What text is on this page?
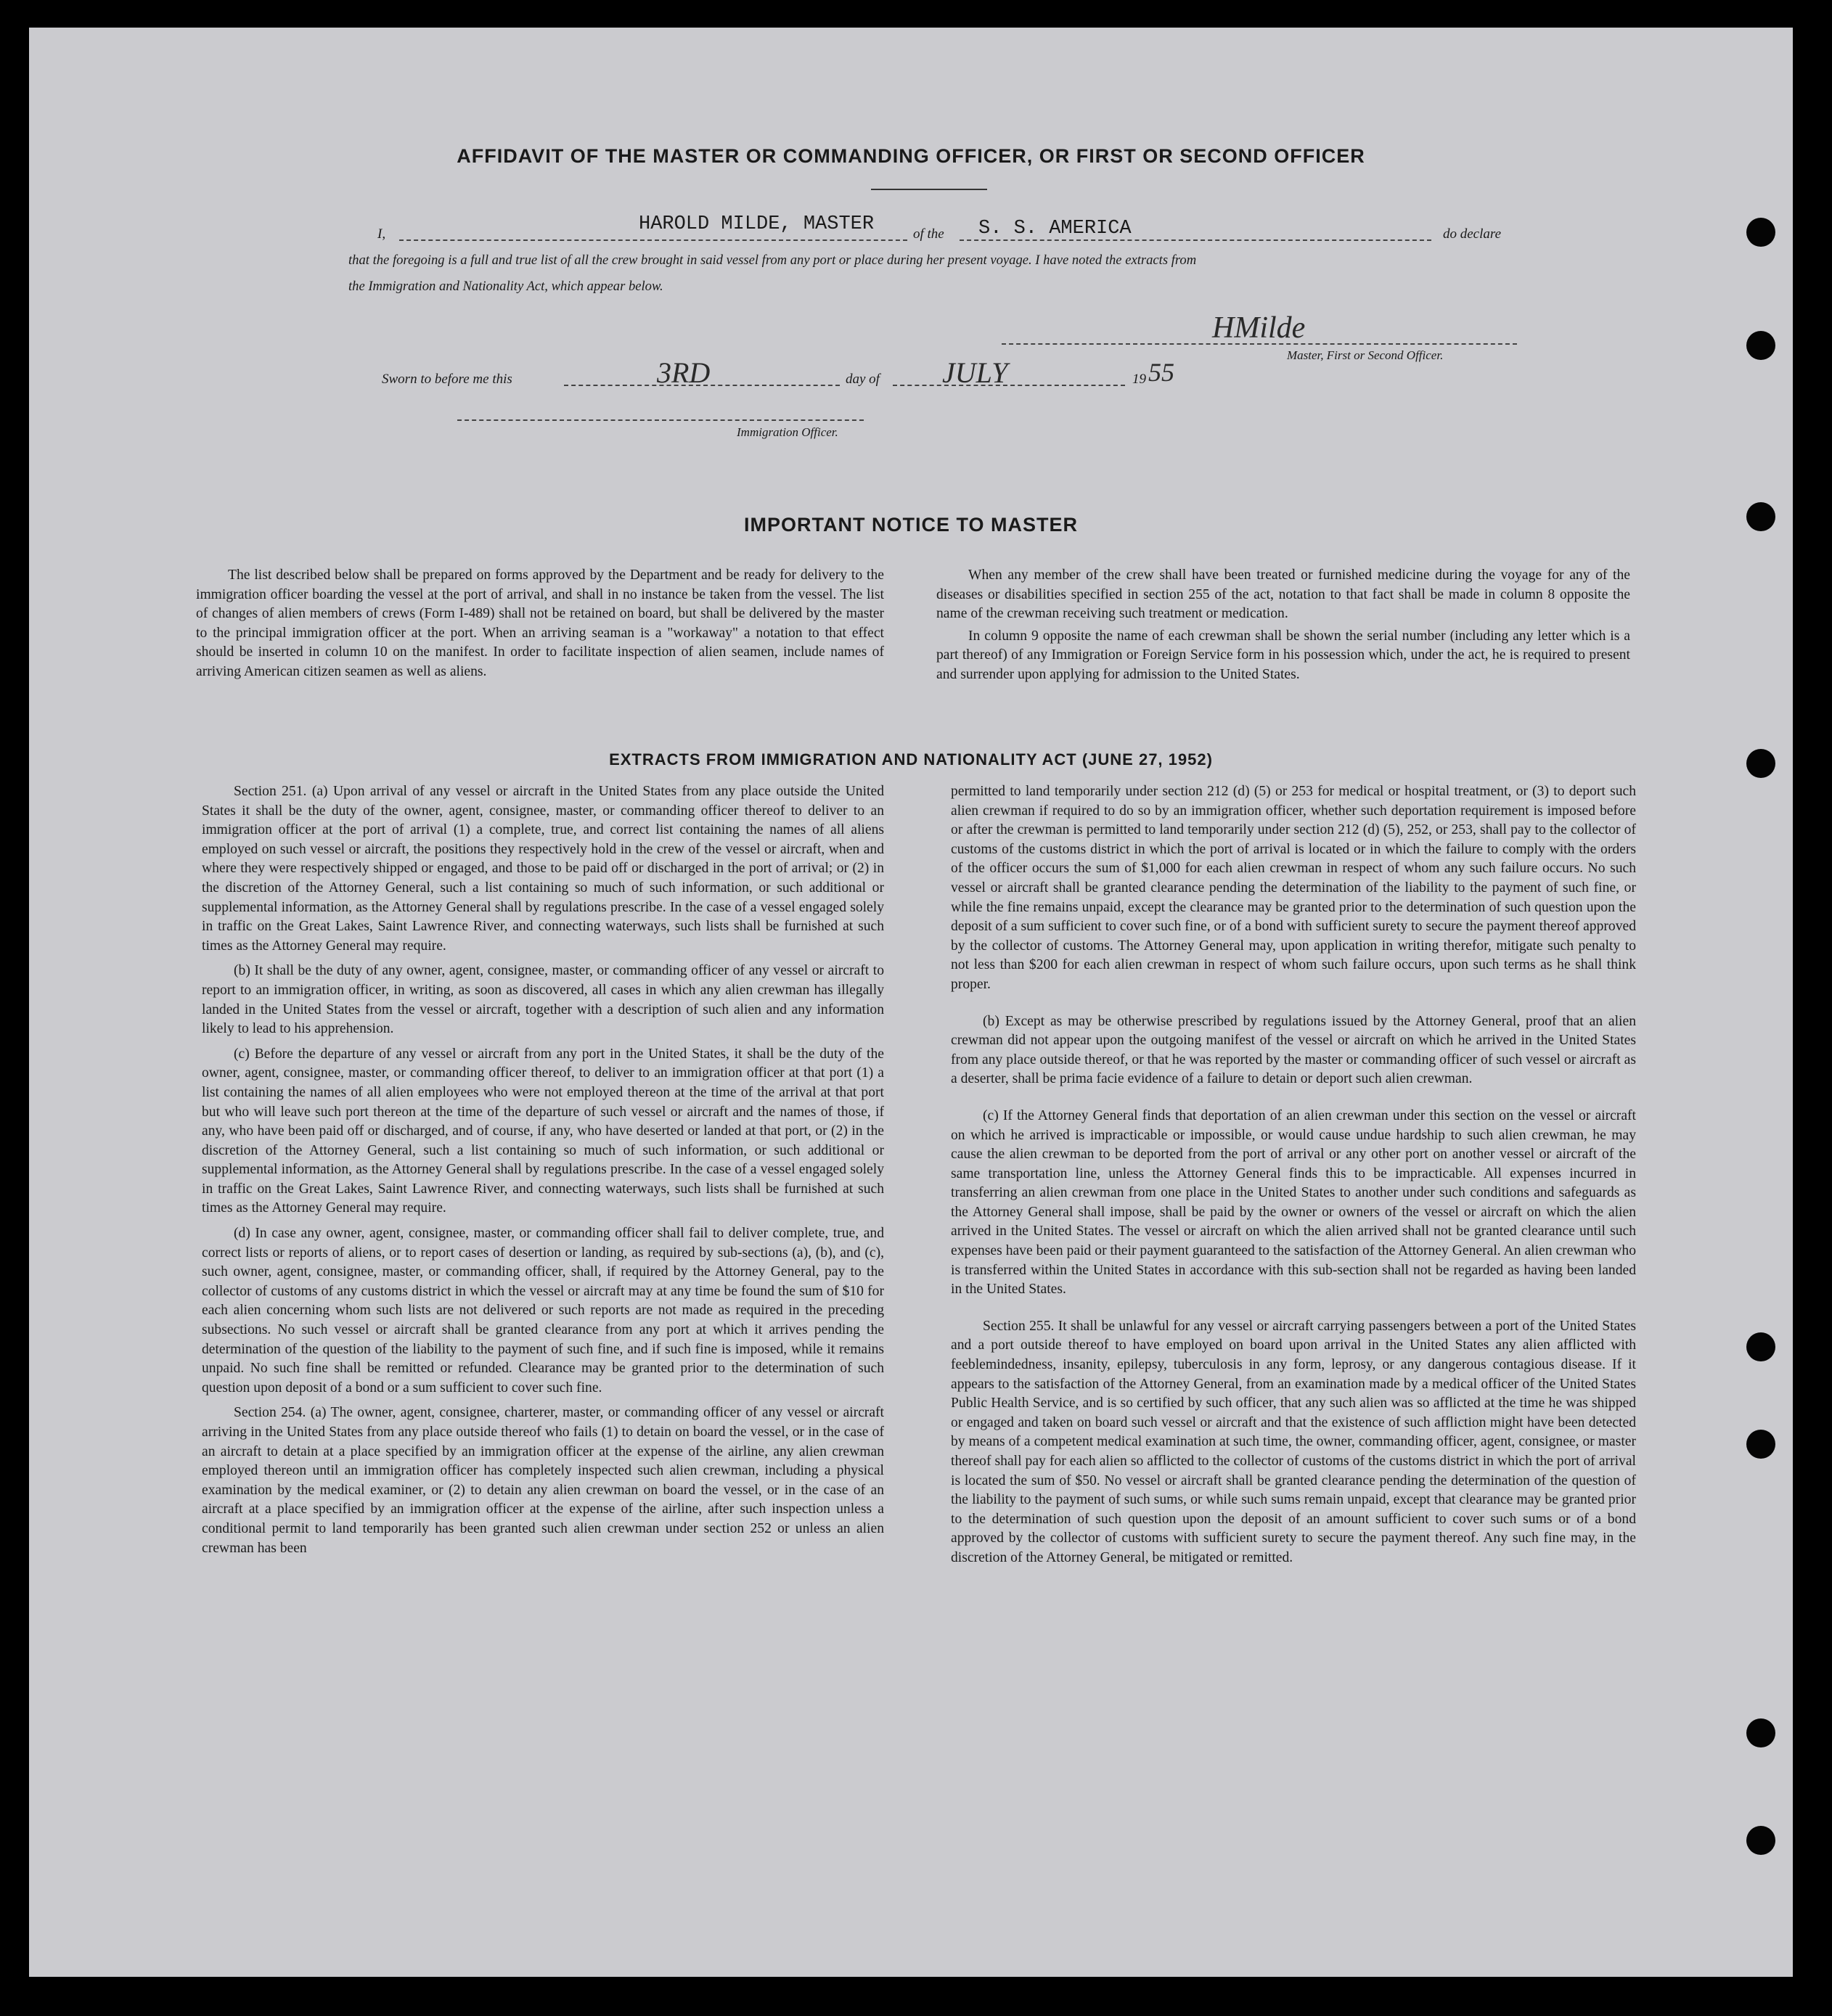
AFFIDAVIT OF THE MASTER OR COMMANDING OFFICER, OR FIRST OR SECOND OFFICER
I,	HAROLD MILDE, MASTER	of the S. S. AMERICA	do declare
that the foregoing is a full and true list of all the crew brought in said vessel from any port or place during her present voyage. I have noted the extracts from
the Immigration and Nationality Act, which appear below.
HMilde
Master, First or Second Officer.
Sworn to before me this	3RD	day of JULY	19 55
Immigration Officer.
IMPORTANT NOTICE TO MASTER

The list described below shall be prepared on forms approved by the Department and be ready for delivery to the immigration officer boarding the vessel at the port of arrival, and shall in no instance be taken from the vessel. The list of changes of alien members of crews (Form I-489) shall not be retained on board, but shall be delivered by the master to the principal immigration officer at the port. When an arriving seaman is a "workaway" a notation to that effect should be inserted in column 10 on the manifest. In order to facilitate inspection of alien seamen, include names of arriving American citizen seamen as well as aliens.

When any member of the crew shall have been treated or furnished medicine during the voyage for any of the diseases or disabilities specified in section 255 of the act, notation to that fact shall be made in column 8 opposite the name of the crewman receiving such treatment or medication.

In column 9 opposite the name of each crewman shall be shown the serial number (including any letter which is a part thereof) of any Immigration or Foreign Service form in his possession which, under the act, he is required to present and surrender upon applying for admission to the United States.

EXTRACTS FROM IMMIGRATION AND NATIONALITY ACT (JUNE 27, 1952)

Section 251. (a) Upon arrival of any vessel or aircraft in the United States from any place outside the United States it shall be the duty of the owner, agent, consignee, master, or commanding officer thereof to deliver to an immigration officer at the port of arrival (1) a complete, true, and correct list containing the names of all aliens employed on such vessel or aircraft, the positions they respectively hold in the crew of the vessel or aircraft, when and where they were respectively shipped or engaged, and those to be paid off or discharged in the port of arrival; or (2) in the discretion of the Attorney General, such a list containing so much of such information, or such additional or supplemental information, as the Attorney General shall by regulations prescribe. In the case of a vessel engaged solely in traffic on the Great Lakes, Saint Lawrence River, and connecting waterways, such lists shall be furnished at such times as the Attorney General may require.

(b) It shall be the duty of any owner, agent, consignee, master, or commanding officer of any vessel or aircraft to report to an immigration officer, in writing, as soon as discovered, all cases in which any alien crewman has illegally landed in the United States from the vessel or aircraft, together with a description of such alien and any information likely to lead to his apprehension.

(c) Before the departure of any vessel or aircraft from any port in the United States, it shall be the duty of the owner, agent, consignee, master, or commanding officer thereof, to deliver to an immigration officer at that port (1) a list containing the names of all alien employees who were not employed thereon at the time of the arrival at that port but who will leave such port thereon at the time of the departure of such vessel or aircraft and the names of those, if any, who have been paid off or discharged, and of course, if any, who have deserted or landed at that port, or (2) in the discretion of the Attorney General, such a list containing so much of such information, or such additional or supplemental information, as the Attorney General shall by regulations prescribe. In the case of a vessel engaged solely in traffic on the Great Lakes, Saint Lawrence River, and connecting waterways, such lists shall be furnished at such times as the Attorney General may require.

(d) In case any owner, agent, consignee, master, or commanding officer shall fail to deliver complete, true, and correct lists or reports of aliens, or to report cases of desertion or landing, as required by sub-sections (a), (b), and (c), such owner, agent, consignee, master, or commanding officer, shall, if required by the Attorney General, pay to the collector of customs of any customs district in which the vessel or aircraft may at any time be found the sum of $10 for each alien concerning whom such lists are not delivered or such reports are not made as required in the preceding subsections. No such vessel or aircraft shall be granted clearance from any port at which it arrives pending the determination of the question of the liability to the payment of such fine, and if such fine is imposed, while it remains unpaid. No such fine shall be remitted or refunded. Clearance may be granted prior to the determination of such question upon deposit of a bond or a sum sufficient to cover such fine.

Section 254. (a) The owner, agent, consignee, charterer, master, or commanding officer of any vessel or aircraft arriving in the United States from any place outside thereof who fails (1) to detain on board the vessel, or in the case of an aircraft to detain at a place specified by an immigration officer at the expense of the airline, any alien crewman employed thereon until an immigration officer has completely inspected such alien crewman, including a physical examination by the medical examiner, or (2) to detain any alien crewman on board the vessel, or in the case of an aircraft at a place specified by an immigration officer at the expense of the airline, after such inspection unless a conditional permit to land temporarily has been granted such alien crewman under section 252 or unless an alien crewman has been

permitted to land temporarily under section 212 (d) (5) or 253 for medical or hospital treatment, or (3) to deport such alien crewman if required to do so by an immigration officer, whether such deportation requirement is imposed before or after the crewman is permitted to land temporarily under section 212 (d) (5), 252, or 253, shall pay to the collector of customs of the customs district in which the port of arrival is located or in which the failure to comply with the orders of the officer occurs the sum of $1,000 for each alien crewman in respect of whom any such failure occurs. No such vessel or aircraft shall be granted clearance pending the determination of the liability to the payment of such fine, or while the fine remains unpaid, except the clearance may be granted prior to the determination of such question upon the deposit of a sum sufficient to cover such fine, or of a bond with sufficient surety to secure the payment thereof approved by the collector of customs. The Attorney General may, upon application in writing therefor, mitigate such penalty to not less than $200 for each alien crewman in respect of whom such failure occurs, upon such terms as he shall think proper.

(b) Except as may be otherwise prescribed by regulations issued by the Attorney General, proof that an alien crewman did not appear upon the outgoing manifest of the vessel or aircraft on which he arrived in the United States from any place outside thereof, or that he was reported by the master or commanding officer of such vessel or aircraft as a deserter, shall be prima facie evidence of a failure to detain or deport such alien crewman.

(c) If the Attorney General finds that deportation of an alien crewman under this section on the vessel or aircraft on which he arrived is impracticable or impossible, or would cause undue hardship to such alien crewman, he may cause the alien crewman to be deported from the port of arrival or any other port on another vessel or aircraft of the same transportation line, unless the Attorney General finds this to be impracticable. All expenses incurred in transferring an alien crewman from one place in the United States to another under such conditions and safeguards as the Attorney General shall impose, shall be paid by the owner or owners of the vessel or aircraft on which the alien arrived in the United States. The vessel or aircraft on which the alien arrived shall not be granted clearance until such expenses have been paid or their payment guaranteed to the satisfaction of the Attorney General. An alien crewman who is transferred within the United States in accordance with this sub-section shall not be regarded as having been landed in the United States.

Section 255. It shall be unlawful for any vessel or aircraft carrying passengers between a port of the United States and a port outside thereof to have employed on board upon arrival in the United States any alien afflicted with feeblemindedness, insanity, epilepsy, tuberculosis in any form, leprosy, or any dangerous contagious disease. If it appears to the satisfaction of the Attorney General, from an examination made by a medical officer of the United States Public Health Service, and is so certified by such officer, that any such alien was so afflicted at the time he was shipped or engaged and taken on board such vessel or aircraft and that the existence of such affliction might have been detected by means of a competent medical examination at such time, the owner, commanding officer, agent, consignee, or master thereof shall pay for each alien so afflicted to the collector of customs of the customs district in which the port of arrival is located the sum of $50. No vessel or aircraft shall be granted clearance pending the determination of the question of the liability to the payment of such sums, or while such sums remain unpaid, except that clearance may be granted prior to the determination of such question upon the deposit of an amount sufficient to cover such sums or of a bond approved by the collector of customs with sufficient surety to secure the payment thereof. Any such fine may, in the discretion of the Attorney General, be mitigated or remitted.
